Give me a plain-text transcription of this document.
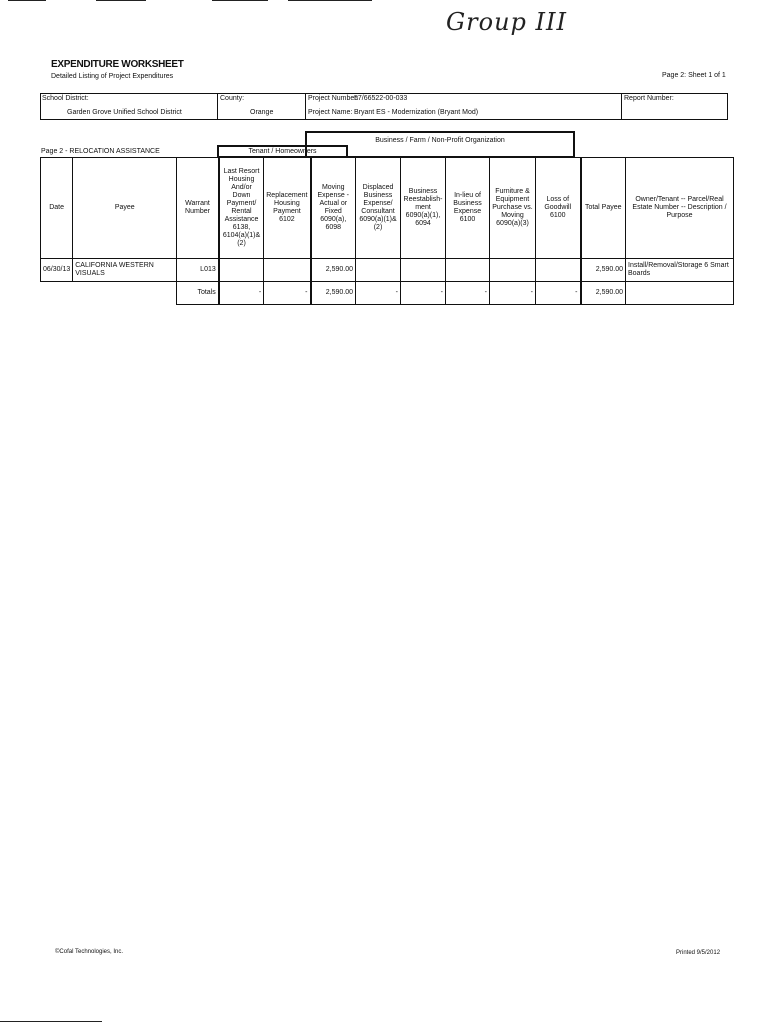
Group III
EXPENDITURE WORKSHEET
Detailed Listing of Project Expenditures	Page 2: Sheet 1 of 1
School District:
Garden Grove Unified School District
County:
Orange
Project Number:
57/66522-00-033
Project Name: Bryant ES - Modernization (Bryant Mod)
Report Number:
Page 2 - RELOCATION ASSISTANCE
Business / Farm / Non-Profit Organization
Tenant / Homeowners
Date	Payee	Warrant Number	Last Resort Housing And/or Down Payment/ Rental Assistance 6138, 6104(a)(1)&(2)	Replacement Housing Payment 6102	Moving Expense - Actual or Fixed 6090(a), 6098	Displaced Business Expense/ Consultant 6090(a)(1)&(2)	Business Reestablish- ment 6090(a)(1), 6094	In-lieu of Business Expense 6100	Furniture & Equipment Purchase vs. Moving 6090(a)(3)	Loss of Goodwill 6100	Total Payee	Owner/Tenant -- Parcel/Real Estate Number -- Description / Purpose
06/30/13	CALIFORNIA WESTERN VISUALS	L013			2,590.00						2,590.00	Install/Removal/Storage 6 Smart Boards
		Totals	-	-	2,590.00	-	-	-	-	-	2,590.00	
©Cofal Technologies, Inc.	Printed 9/5/2012
